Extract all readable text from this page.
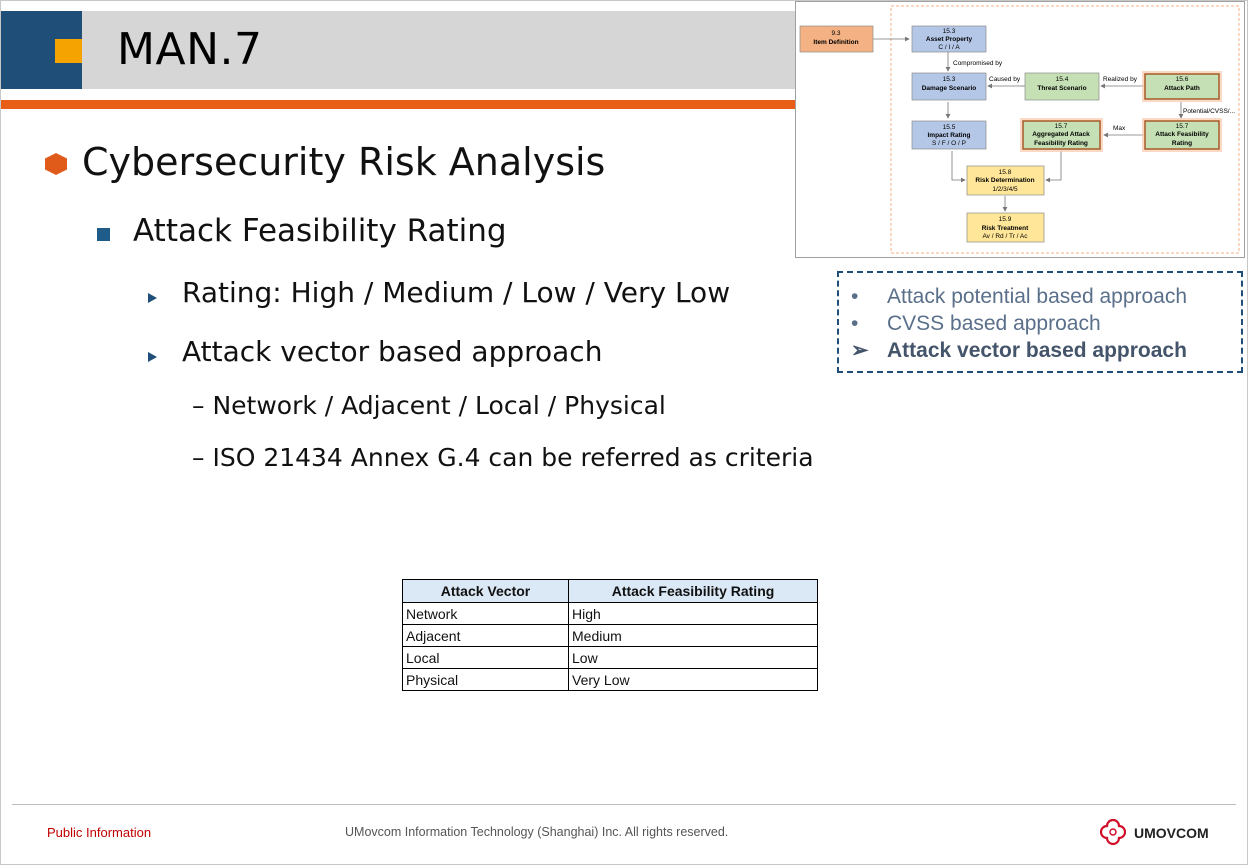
MAN.7
Cybersecurity Risk Analysis
Attack Feasibility Rating
Rating: High / Medium / Low / Very Low
Attack vector based approach
– Network / Adjacent / Local / Physical
– ISO 21434 Annex G.4 can be referred as criteria
Attack Vector	Attack Feasibility Rating
Network	High
Adjacent	Medium
Local	Low
Physical	Very Low
Compromised by
Caused by	Realized by
Potential/CVSS/...
Max
9.3
Item Definition
15.3
Asset Property
C / I / A
15.3
Damage Scenario
15.4
Threat Scenario
15.6
Attack Path
15.5
Impact Rating
S / F / O / P
15.7
Aggregated Attack
Feasibility Rating
15.7
Attack Feasibility
Rating
15.8
Risk Determination
1/2/3/4/5
15.9
Risk Treatment
Av / Rd / Tr / Ac
• Attack potential based approach
• CVSS based approach
➢ Attack vector based approach
Public Information	UMovcom Information Technology (Shanghai) Inc. All rights reserved.	UMOVCOM
